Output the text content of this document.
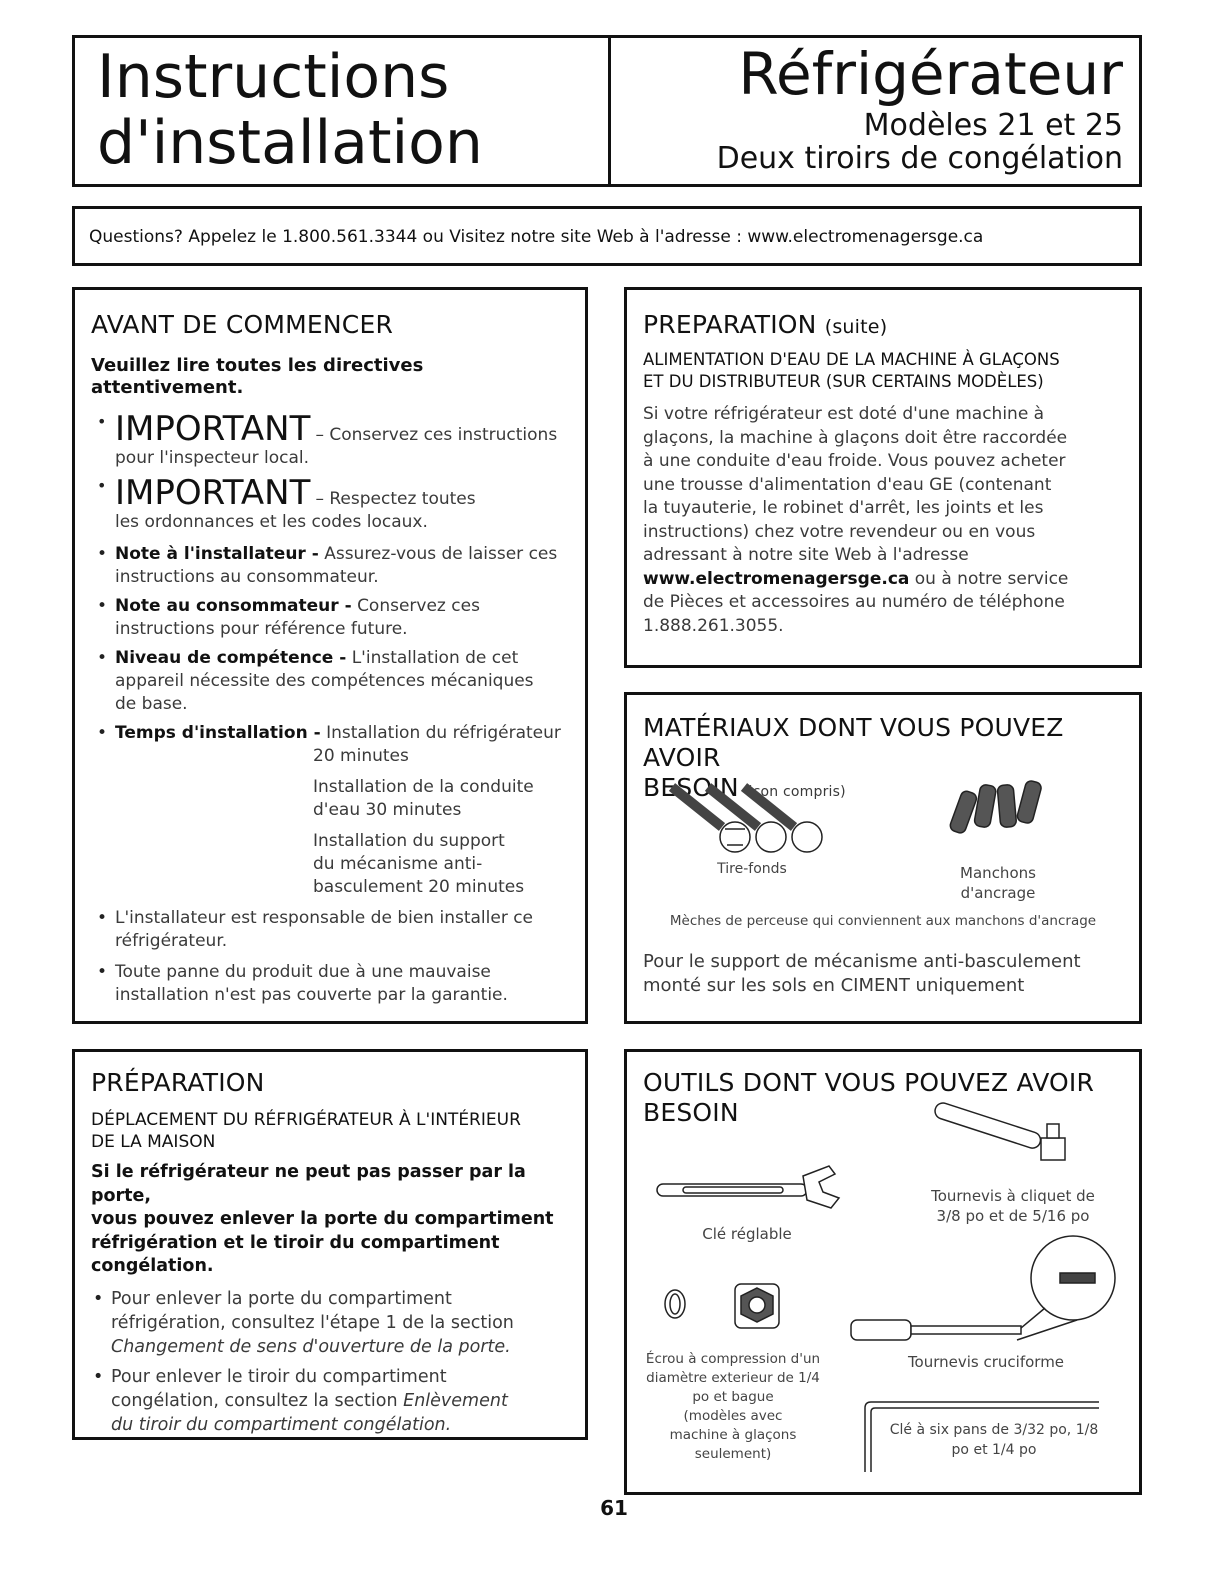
Instructions
d'installation
Réfrigérateur
Modèles 21 et 25
Deux tiroirs de congélation
Questions? Appelez le 1.800.561.3344 ou Visitez notre site Web à l'adresse : www.electromenagersge.ca
AVANT DE COMMENCER
Veuillez lire toutes les directives attentivement.
• IMPORTANT – Conservez ces instructions
pour l'inspecteur local.
• IMPORTANT – Respectez toutes
les ordonnances et les codes locaux.
• Note à l'installateur - Assurez-vous de laisser ces
instructions au consommateur.
• Note au consommateur - Conservez ces
instructions pour référence future.
• Niveau de compétence - L'installation de cet
appareil nécessite des compétences mécaniques
de base.
• Temps d'installation - Installation du réfrigérateur
20 minutes
Installation de la conduite
d'eau 30 minutes
Installation du support
du mécanisme anti-
basculement 20 minutes
• L'installateur est responsable de bien installer ce
réfrigérateur.
• Toute panne du produit due à une mauvaise
installation n'est pas couverte par la garantie.
PREPARATION (suite)
ALIMENTATION D'EAU DE LA MACHINE À GLAÇONS
ET DU DISTRIBUTEUR (SUR CERTAINS MODÈLES)
Si votre réfrigérateur est doté d'une machine à
glaçons, la machine à glaçons doit être raccordée
à une conduite d'eau froide. Vous pouvez acheter
une trousse d'alimentation d'eau GE (contenant
la tuyauterie, le robinet d'arrêt, les joints et les
instructions) chez votre revendeur ou en vous
adressant à notre site Web à l'adresse
www.electromenagersge.ca ou à notre service
de Pièces et accessoires au numéro de téléphone
1.888.261.3055.
MATÉRIAUX DONT VOUS POUVEZ AVOIR
BESOIN (con compris)
Tire-fonds	Manchons
d'ancrage
Mèches de perceuse qui conviennent aux manchons d'ancrage
Pour le support de mécanisme anti-basculement
monté sur les sols en CIMENT uniquement
PRÉPARATION
DÉPLACEMENT DU RÉFRIGÉRATEUR À L'INTÉRIEUR
DE LA MAISON
Si le réfrigérateur ne peut pas passer par la porte,
vous pouvez enlever la porte du compartiment
réfrigération et le tiroir du compartiment
congélation.
• Pour enlever la porte du compartiment
réfrigération, consultez l'étape 1 de la section
Changement de sens d'ouverture de la porte.
• Pour enlever le tiroir du compartiment
congélation, consultez la section Enlèvement
du tiroir du compartiment congélation.
OUTILS DONT VOUS POUVEZ AVOIR
BESOIN
Tournevis à cliquet de
3/8 po et de 5/16 po
Clé réglable
Écrou à compression d'un
diamètre exterieur de 1/4
po et bague
(modèles avec
machine à glaçons
seulement)
Tournevis cruciforme
Clé à six pans de 3/32 po, 1/8
po et 1/4 po
61
